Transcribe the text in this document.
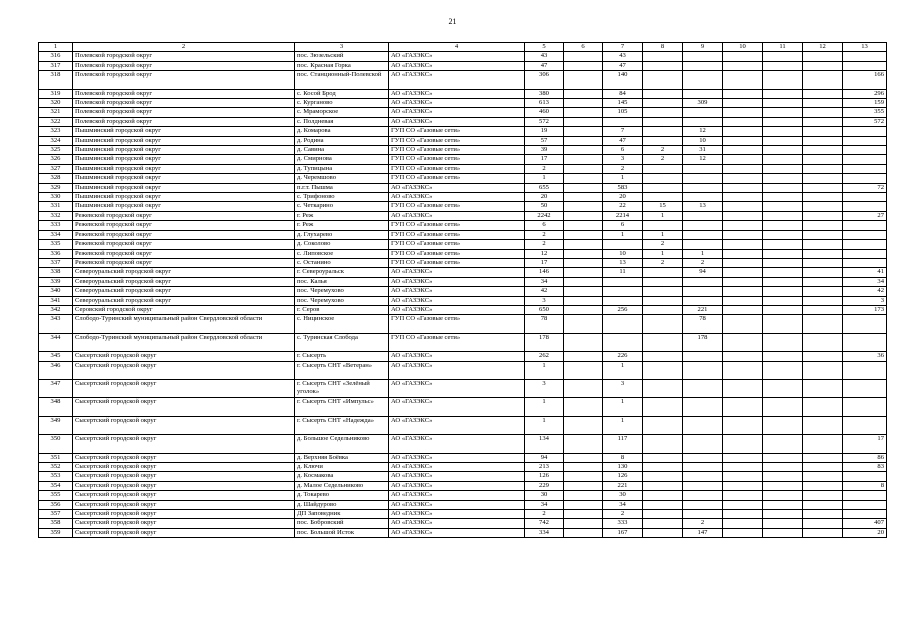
21
1	2	3	4	5	6	7	8	9	10	11	12	13
316	Полевской городской округ	пос. Зюзельский	АО «ГАЗЭКС»	43		43						
317	Полевской городской округ	пос. Красная Горка	АО «ГАЗЭКС»	47		47						
318	Полевской городской округ	пос. Станционный-Полевской	АО «ГАЗЭКС»	306		140						166
319	Полевской городской округ	с. Косой Брод	АО «ГАЗЭКС»	380		84						296
320	Полевской городской округ	с. Курганово	АО «ГАЗЭКС»	613		145		309				159
321	Полевской городской округ	с. Мраморское	АО «ГАЗЭКС»	460		105						355
322	Полевской городской округ	с. Полдневая	АО «ГАЗЭКС»	572								572
323	Пышминский городской округ	д. Комарова	ГУП СО «Газовые сети»	19		7		12				
324	Пышминский городской округ	д. Родина	ГУП СО «Газовые сети»	57		47		10				
325	Пышминский городской округ	д. Савина	ГУП СО «Газовые сети»	39		6	2	31				
326	Пышминский городской округ	д. Смирнова	ГУП СО «Газовые сети»	17		3	2	12				
327	Пышминский городской округ	д. Тупицына	ГУП СО «Газовые сети»	2		2						
328	Пышминский городской округ	д. Черемшово	ГУП СО «Газовые сети»	1		1						
329	Пышминский городской округ	п.г.т. Пышма	АО «ГАЗЭКС»	655		583						72
330	Пышминский городской округ	с. Трифоново	АО «ГАЗЭКС»	20		20						
331	Пышминский городской округ	с. Четкарино	ГУП СО «Газовые сети»	50		22	15	13				
332	Режевской городской округ	г. Реж	АО «ГАЗЭКС»	2242		2214	1					27
333	Режевской городской округ	г. Реж	ГУП СО «Газовые сети»	6		6						
334	Режевской городской округ	д. Глухарево	ГУП СО «Газовые сети»	2		1	1					
335	Режевской городской округ	д. Соколово	ГУП СО «Газовые сети»	2			2					
336	Режевской городской округ	с. Липовское	ГУП СО «Газовые сети»	12		10	1	1				
337	Режевской городской округ	с. Останино	ГУП СО «Газовые сети»	17		13	2	2				
338	Североуральский городской округ	г. Североуральск	АО «ГАЗЭКС»	146		11		94				41
339	Североуральский городской округ	пос. Калья	АО «ГАЗЭКС»	34								34
340	Североуральский городской округ	пос. Черемухово	АО «ГАЗЭКС»	42								42
341	Североуральский городской округ	пос. Черемухово	АО «ГАЗЭКС»	3								3
342	Серовский городской округ	г. Серов	АО «ГАЗЭКС»	650		256		221				173
343	Слободо-Туринский муниципальный район Свердловской области	с. Ницинское	ГУП СО «Газовые сети»	78				78				
344	Слободо-Туринский муниципальный район Свердловской области	с. Туринская Слобода	ГУП СО «Газовые сети»	178				178				
345	Сысертский городской округ	г. Сысерть	АО «ГАЗЭКС»	262		226						36
346	Сысертский городской округ	г. Сысерть СНТ «Ветеран»	АО «ГАЗЭКС»	1		1						
347	Сысертский городской округ	г. Сысерть СНТ «Зелёный уголок»	АО «ГАЗЭКС»	3		3						
348	Сысертский городской округ	г. Сысерть СНТ «Импульс»	АО «ГАЗЭКС»	1		1						
349	Сысертский городской округ	г. Сысерть СНТ «Надежда»	АО «ГАЗЭКС»	1		1						
350	Сысертский городской округ	д. Большое Седельниково	АО «ГАЗЭКС»	134		117						17
351	Сысертский городской округ	д. Верхняя Боёвка	АО «ГАЗЭКС»	94		8						86
352	Сысертский городской округ	д. Ключи	АО «ГАЗЭКС»	213		130						83
353	Сысертский городской округ	д. Космакова	АО «ГАЗЭКС»	126		126						
354	Сысертский городской округ	д. Малое Седельниково	АО «ГАЗЭКС»	229		221						8
355	Сысертский городской округ	д. Токарево	АО «ГАЗЭКС»	30		30						
356	Сысертский городской округ	д. Шайдурово	АО «ГАЗЭКС»	34		34						
357	Сысертский городской округ	ДП Заповедник	АО «ГАЗЭКС»	2		2						
358	Сысертский городской округ	пос. Бобровский	АО «ГАЗЭКС»	742		333		2				407
359	Сысертский городской округ	пос. Большой Исток	АО «ГАЗЭКС»	334		167		147				20
